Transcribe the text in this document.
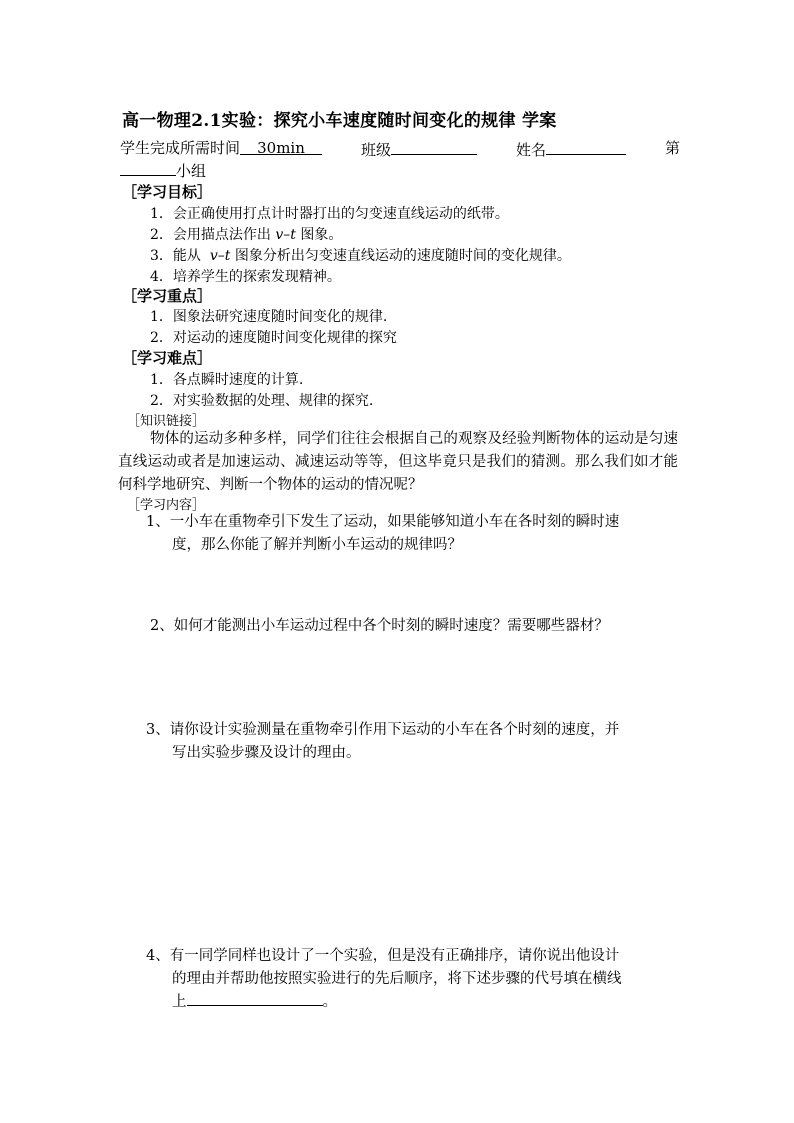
高一物理2.1实验：探究小车速度随时间变化的规律 学案
学生完成所需时间 30min	班级	姓名	第
小组
［学习目标］
1．会正确使用打点计时器打出的匀变速直线运动的纸带。
2．会用描点法作出 v–t 图象。
3．能从 v–t 图象分析出匀变速直线运动的速度随时间的变化规律。
4．培养学生的探索发现精神。
［学习重点］
1．图象法研究速度随时间变化的规律.
2．对运动的速度随时间变化规律的探究
［学习难点］
1．各点瞬时速度的计算.
2．对实验数据的处理、规律的探究.
［知识链接］
物体的运动多种多样，同学们往往会根据自己的观察及经验判断物体的运动是匀速直线运动或者是加速运动、减速运动等等，但这毕竟只是我们的猜测。那么我们如才能何科学地研究、判断一个物体的运动的情况呢？
［学习内容］
1、一小车在重物牵引下发生了运动，如果能够知道小车在各时刻的瞬时速
度，那么你能了解并判断小车运动的规律吗？
2、如何才能测出小车运动过程中各个时刻的瞬时速度？需要哪些器材？
3、请你设计实验测量在重物牵引作用下运动的小车在各个时刻的速度，并
写出实验步骤及设计的理由。
4、有一同学同样也设计了一个实验，但是没有正确排序，请你说出他设计
的理由并帮助他按照实验进行的先后顺序，将下述步骤的代号填在横线
上	。
